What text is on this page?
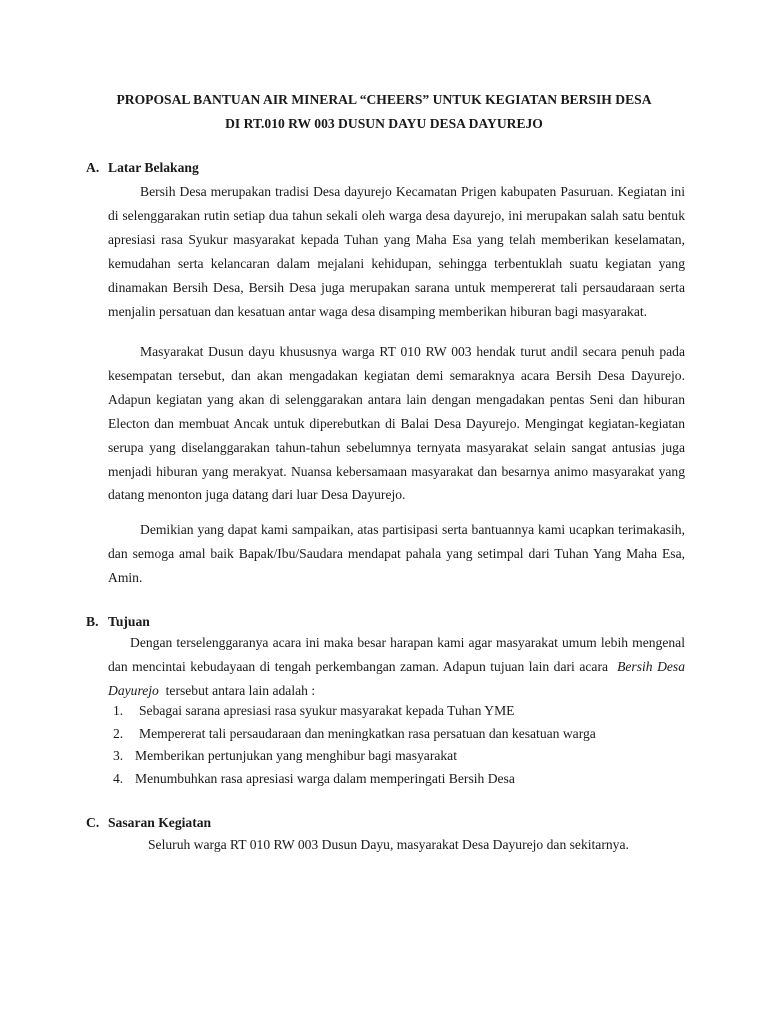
PROPOSAL BANTUAN AIR MINERAL “CHEERS” UNTUK KEGIATAN BERSIH DESA
DI RT.010 RW 003 DUSUN DAYU DESA DAYUREJO
A. Latar Belakang
Bersih Desa merupakan tradisi Desa dayurejo Kecamatan Prigen kabupaten Pasuruan. Kegiatan ini di selenggarakan rutin setiap dua tahun sekali oleh warga desa dayurejo, ini merupakan salah satu bentuk apresiasi rasa Syukur masyarakat kepada Tuhan yang Maha Esa yang telah memberikan keselamatan, kemudahan serta kelancaran dalam mejalani kehidupan, sehingga terbentuklah suatu kegiatan yang dinamakan Bersih Desa, Bersih Desa juga merupakan sarana untuk mempererat tali persaudaraan serta menjalin persatuan dan kesatuan antar waga desa disamping memberikan hiburan bagi masyarakat.
Masyarakat Dusun dayu khususnya warga RT 010 RW 003 hendak turut andil secara penuh pada kesempatan tersebut, dan akan mengadakan kegiatan demi semaraknya acara Bersih Desa Dayurejo. Adapun kegiatan yang akan di selenggarakan antara lain dengan mengadakan pentas Seni dan hiburan Electon dan membuat Ancak untuk diperebutkan di Balai Desa Dayurejo. Mengingat kegiatan-kegiatan serupa yang diselanggarakan tahun-tahun sebelumnya ternyata masyarakat selain sangat antusias juga menjadi hiburan yang merakyat. Nuansa kebersamaan masyarakat dan besarnya animo masyarakat yang datang menonton juga datang dari luar Desa Dayurejo.
Demikian yang dapat kami sampaikan, atas partisipasi serta bantuannya kami ucapkan terimakasih, dan semoga amal baik Bapak/Ibu/Saudara mendapat pahala yang setimpal dari Tuhan Yang Maha Esa, Amin.
B. Tujuan
Dengan terselenggaranya acara ini maka besar harapan kami agar masyarakat umum lebih mengenal dan mencintai kebudayaan di tengah perkembangan zaman. Adapun tujuan lain dari acara Bersih Desa Dayurejo tersebut antara lain adalah :
1. Sebagai sarana apresiasi rasa syukur masyarakat kepada Tuhan YME
2. Mempererat tali persaudaraan dan meningkatkan rasa persatuan dan kesatuan warga
3. Memberikan pertunjukan yang menghibur bagi masyarakat
4. Menumbuhkan rasa apresiasi warga dalam memperingati Bersih Desa
C. Sasaran Kegiatan
Seluruh warga RT 010 RW 003 Dusun Dayu, masyarakat Desa Dayurejo dan sekitarnya.
